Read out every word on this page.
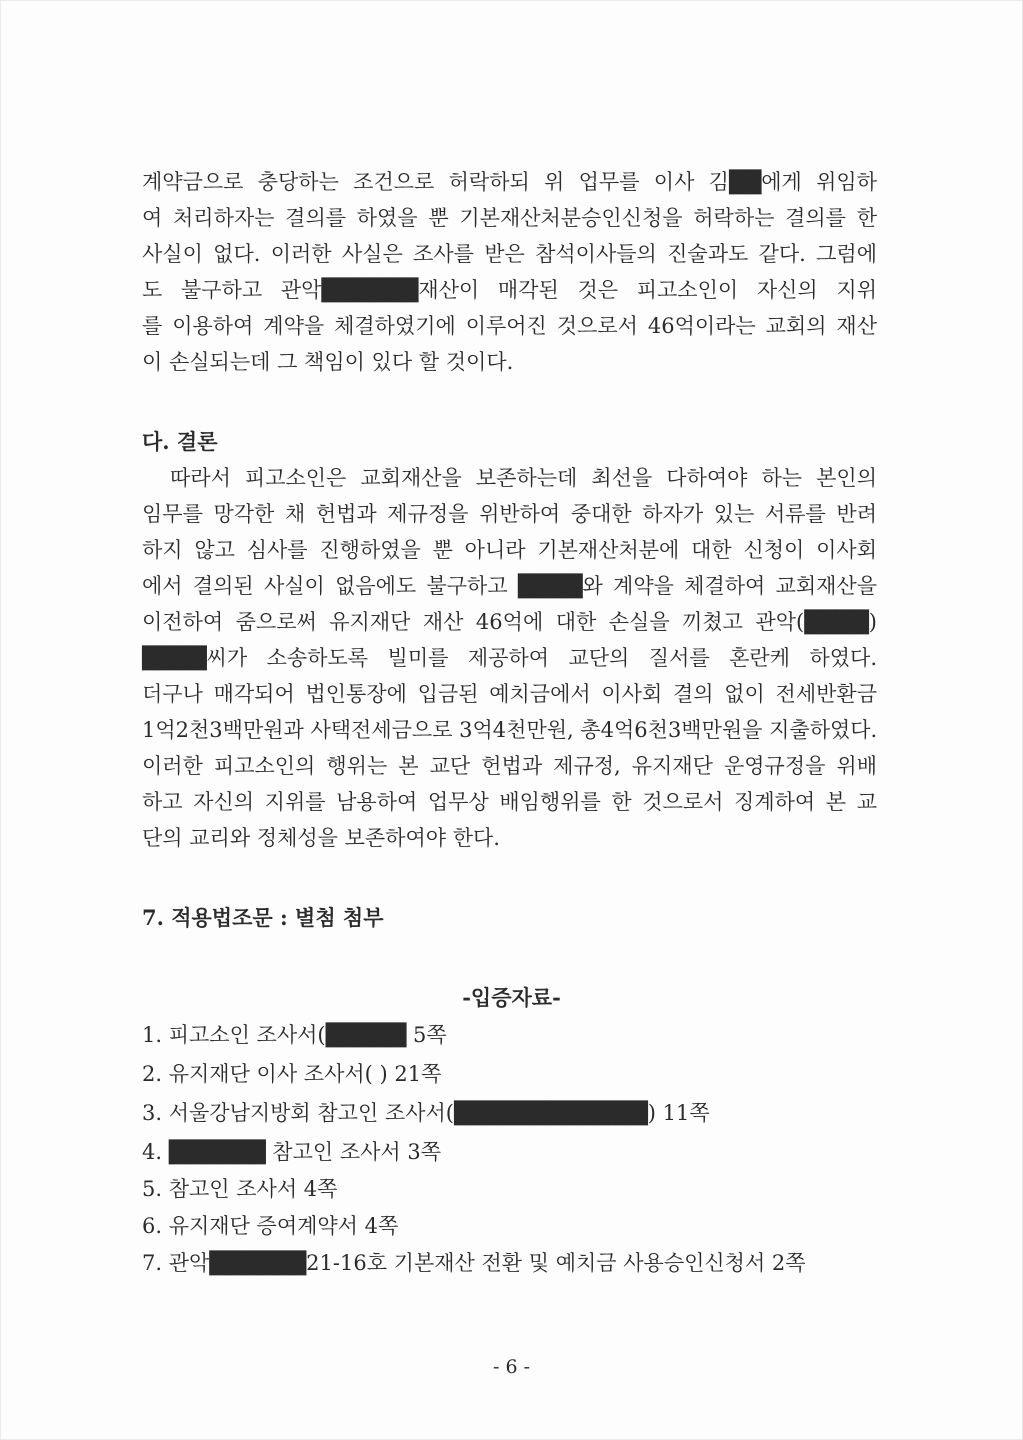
계약금으로 충당하는 조건으로 허락하되 위 업무를 이사 김██에게 위임하
여 처리하자는 결의를 하였을 뿐 기본재산처분승인신청을 허락하는 결의를 한
사실이 없다. 이러한 사실은 조사를 받은 참석이사들의 진술과도 같다. 그럼에
도 불구하고 관악██████재산이 매각된 것은 피고소인이 자신의 지위
를 이용하여 계약을 체결하였기에 이루어진 것으로서 46억이라는 교회의 재산
이 손실되는데 그 책임이 있다 할 것이다.
다. 결론
따라서 피고소인은 교회재산을 보존하는데 최선을 다하여야 하는 본인의
임무를 망각한 채 헌법과 제규정을 위반하여 중대한 하자가 있는 서류를 반려
하지 않고 심사를 진행하였을 뿐 아니라 기본재산처분에 대한 신청이 이사회
에서 결의된 사실이 없음에도 불구하고 ████와 계약을 체결하여 교회재산을
이전하여 줌으로써 유지재단 재산 46억에 대한 손실을 끼쳤고 관악(████)
████씨가 소송하도록 빌미를 제공하여 교단의 질서를 혼란케 하였다.
더구나 매각되어 법인통장에 입금된 예치금에서 이사회 결의 없이 전세반환금
1억2천3백만원과 사택전세금으로 3억4천만원, 총4억6천3백만원을 지출하였다.
이러한 피고소인의 행위는 본 교단 헌법과 제규정, 유지재단 운영규정을 위배
하고 자신의 지위를 남용하여 업무상 배임행위를 한 것으로서 징계하여 본 교
단의 교리와 정체성을 보존하여야 한다.
7. 적용법조문 : 별첨 첨부
-입증자료-
1. 피고소인 조사서(█████ 5쪽
2. 유지재단 이사 조사서( ) 21쪽
3. 서울강남지방회 참고인 조사서(████████████) 11쪽
4. ██████ 참고인 조사서 3쪽
5. 참고인 조사서 4쪽
6. 유지재단 증여계약서 4쪽
7. 관악██████21-16호 기본재산 전환 및 예치금 사용승인신청서 2쪽
- 6 -
